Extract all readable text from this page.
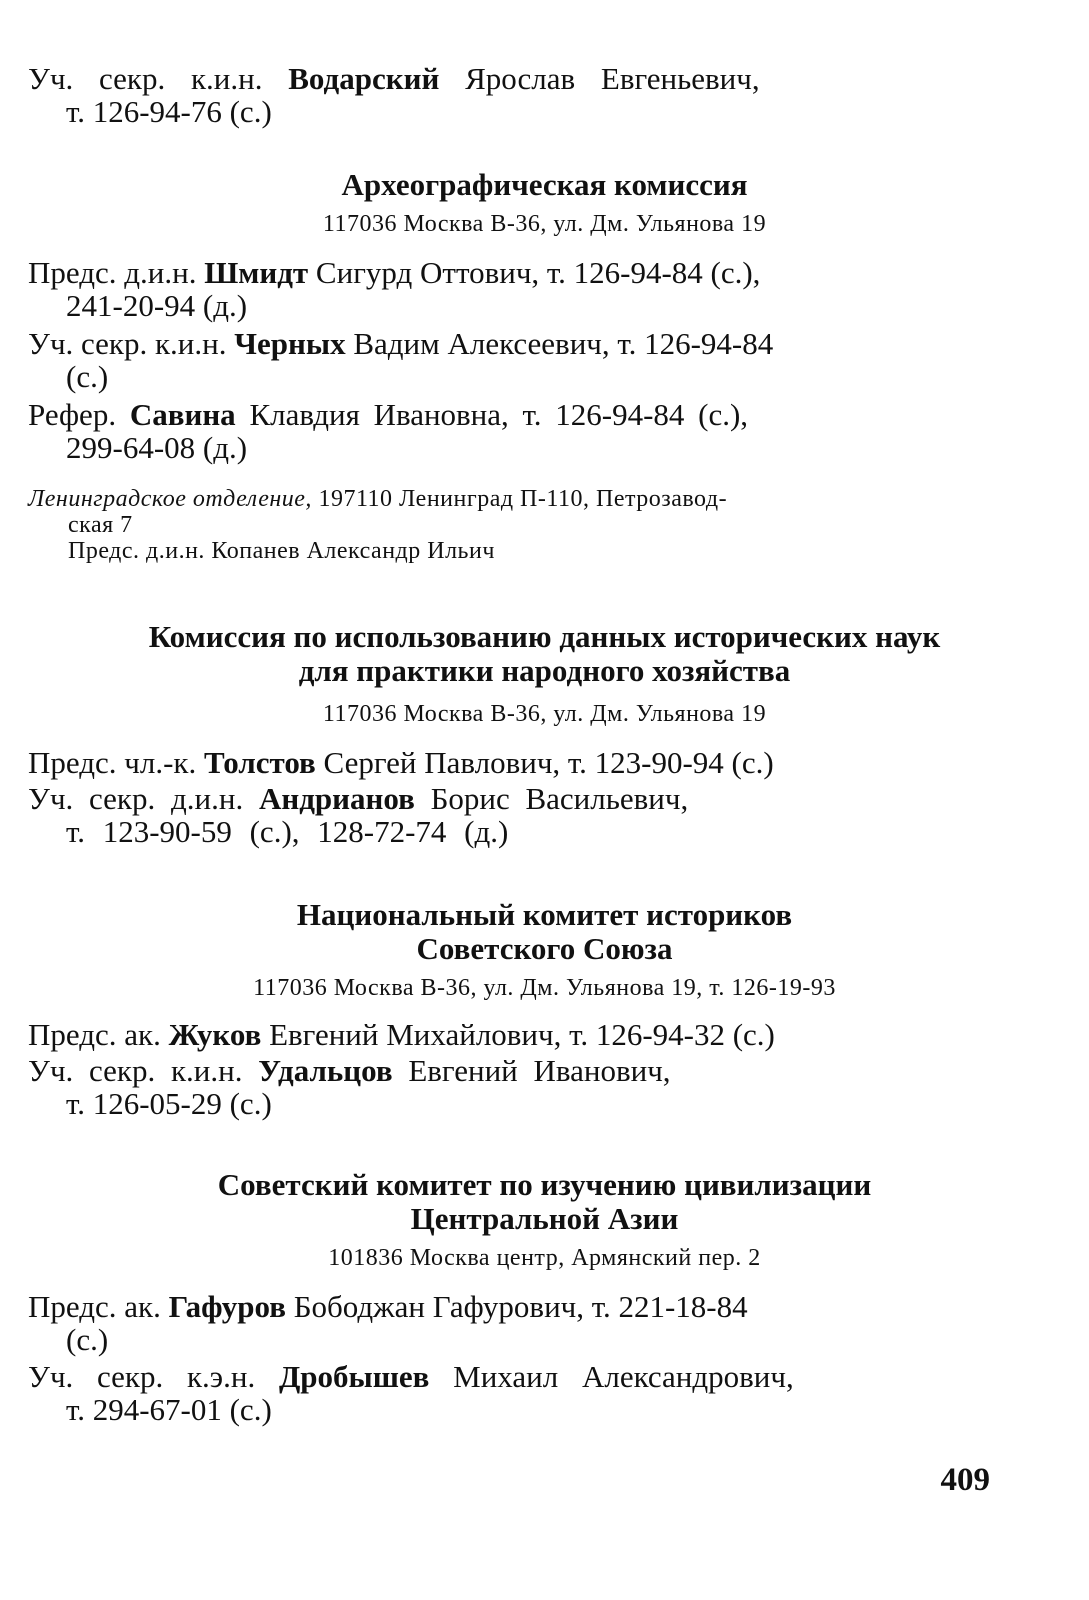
Уч. секр. к.и.н. Водарский Ярослав Евгеньевич,
т. 126-94-76 (с.)
Археографическая комиссия
117036 Москва В-36, ул. Дм. Ульянова 19
Предс. д.и.н. Шмидт Сигурд Оттович, т. 126-94-84 (с.),
241-20-94 (д.)
Уч. секр. к.и.н. Черных Вадим Алексеевич, т. 126-94-84
(с.)
Рефер. Савина Клавдия Ивановна, т. 126-94-84 (с.),
299-64-08 (д.)
Ленинградское отделение, 197110 Ленинград П-110, Петрозавод-
ская 7
Предс. д.и.н. Копанев Александр Ильич
Комиссия по использованию данных исторических наук
для практики народного хозяйства
117036 Москва В-36, ул. Дм. Ульянова 19
Предс. чл.-к. Толстов Сергей Павлович, т. 123-90-94 (с.)
Уч. секр. д.и.н. Андрианов Борис Васильевич,
т. 123-90-59 (с.), 128-72-74 (д.)
Национальный комитет историков
Советского Союза
117036 Москва В-36, ул. Дм. Ульянова 19, т. 126-19-93
Предс. ак. Жуков Евгений Михайлович, т. 126-94-32 (с.)
Уч. секр. к.и.н. Удальцов Евгений Иванович,
т. 126-05-29 (с.)
Советский комитет по изучению цивилизации
Центральной Азии
101836 Москва центр, Армянский пер. 2
Предс. ак. Гафуров Бободжан Гафурович, т. 221-18-84
(с.)
Уч. секр. к.э.н. Дробышев Михаил Александрович,
т. 294-67-01 (с.)
409
